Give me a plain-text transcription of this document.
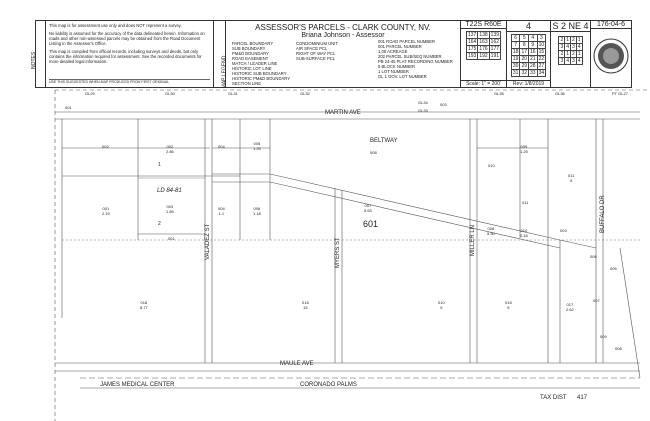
NOTES
This map is for assessment use only and does NOT represent a survey.
No liability is assumed for the accuracy of the data delineated herein. Information on roads and other non-assessed parcels may be obtained from the Road Document Listing in the Assessor's Office.
This map is compiled from official records, including surveys and deeds, but only contains the information required for assessment. See the recorded documents for more detailed legal information.
USE THIS SUGGESTED WHEN MAP PRODUCED FROM FIRST ORIGINAL	MAP LEGEND
ASSESSOR'S PARCELS - CLARK COUNTY, NV.
Briana Johnson - Assessor
PARCEL BOUNDARY
SUB BOUNDARY
PM&D BOUNDARY
ROAD EASEMENT
MATCH / LEADER LINE
HISTORIC LOT LINE
HISTORIC SUB BOUNDARY
HISTORIC PM&D BOUNDARY
SECTION LINE
CONDOMINIUM UNIT
AIR SPACE PCL
RIGHT OF WAY PCL
SUB-SURFACE PCL
001 ROAD PARCEL NUMBER
001 PARCEL NUMBER
1.00 ACREAGE
202 PARCEL SUB/SEQ NUMBER
PB 24-45 PLAT RECORDING NUMBER
5 BLOCK NUMBER
1 LOT NUMBER
GL 1 GOV. LOT NUMBER
T22S R60E
137	138	139
164	163	162
175	176	177
193	192	191
Scale: 1" = 200'
4
6	5	4	3
7	8	9	10
18	17	16	15
19	20	21	22
30	29	28	27
31	32	33	34
Rev: 1/8/2019
S 2 NE 4
2	1	2	1
3	4	3	4
2	1	2	1
3	4	3	4
176-04-6
GL29	GL30	GL31	GL32
GL33
GL34
GL35	GL36	PT GL27
MARTIN AVE
BELTWAY
MAULE AVE
VALADEZ ST	MYERS ST	MILLER LN
BUFFALO DR
002	002
2.86
004
005
1.25
008
009
1.25
011
5
001
2.19
003
1.89
004
1.1
006
1.18
007
5.63
008
5.30
010
0.18
018
8.77
018
15
010
5
018
5
017
2.62
001
003
010
011
006
007
005
008
009
003
001
601
LD 84-81
1
2
JAMES MEDICAL CENTER	CORONADO PALMS
TAX DIST 417
